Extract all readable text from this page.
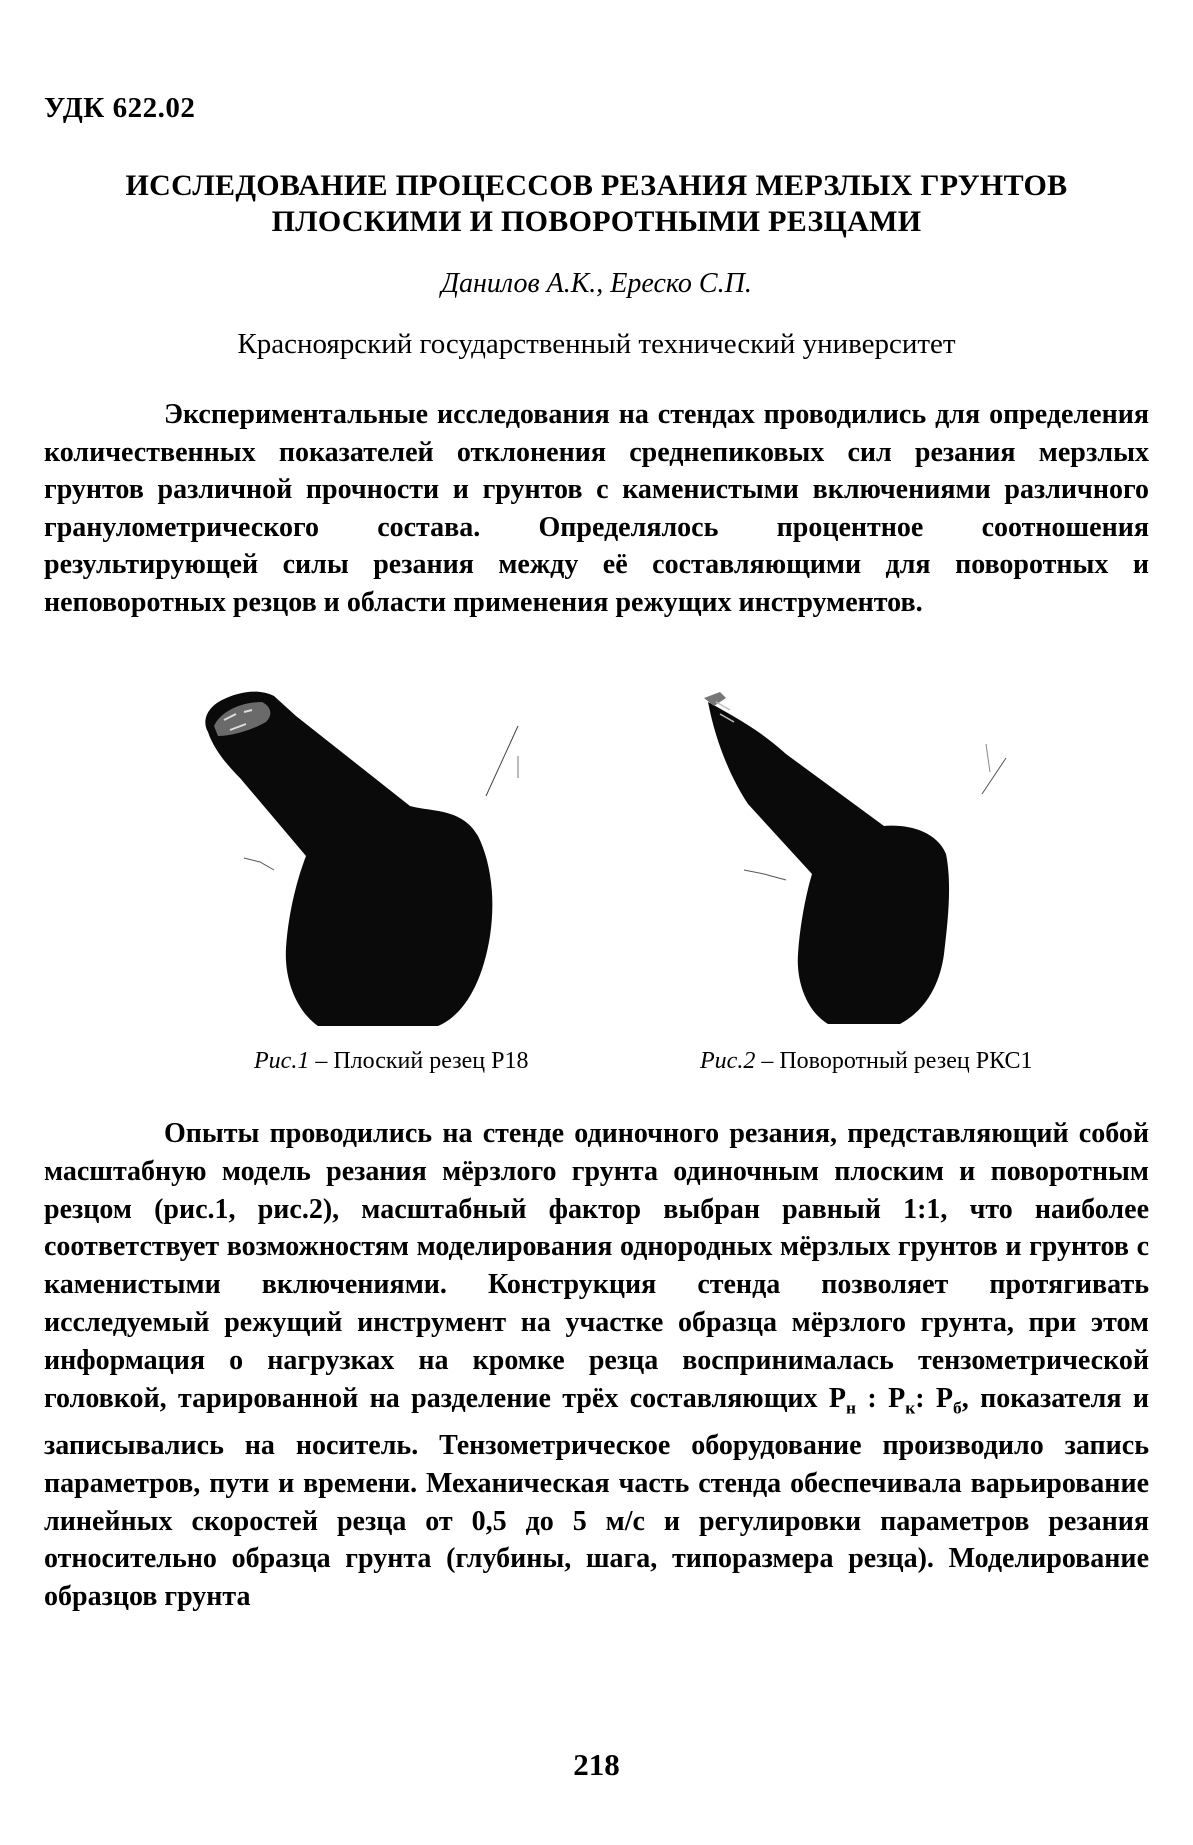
УДК 622.02
ИССЛЕДОВАНИЕ ПРОЦЕССОВ РЕЗАНИЯ МЕРЗЛЫХ ГРУНТОВ
ПЛОСКИМИ И ПОВОРОТНЫМИ РЕЗЦАМИ
Данилов А.К., Ереско С.П.
Красноярский государственный технический университет
Экспериментальные исследования на стендах проводились для определения количественных показателей отклонения среднепиковых сил резания мерзлых грунтов различной прочности и грунтов с каменистыми включениями различного гранулометрического состава. Определялось процентное соотношения результирующей силы резания между её составляющими для поворотных и неповоротных резцов и области применения режущих инструментов.
Рис.1 – Плоский резец Р18	Рис.2 – Поворотный резец РКС1
Опыты проводились на стенде одиночного резания, представляющий собой масштабную модель резания мёрзлого грунта одиночным плоским и поворотным резцом (рис.1, рис.2), масштабный фактор выбран равный 1:1, что наиболее соответствует возможностям моделирования однородных мёрзлых грунтов и грунтов с каменистыми включениями. Конструкция стенда позволяет протягивать исследуемый режущий инструмент на участке образца мёрзлого грунта, при этом информация о нагрузках на кромке резца воспринималась тензометрической головкой, тарированной на разделение трёх составляющих $P_н$ : $P_к$: $P_б$, показателя и записывались на носитель. Тензометрическое оборудование производило запись параметров, пути и времени. Механическая часть стенда обеспечивала варьирование линейных скоростей резца от 0,5 до 5 м/с и регулировки параметров резания относительно образца грунта (глубины, шага, типоразмера резца). Моделирование образцов грунта
218
